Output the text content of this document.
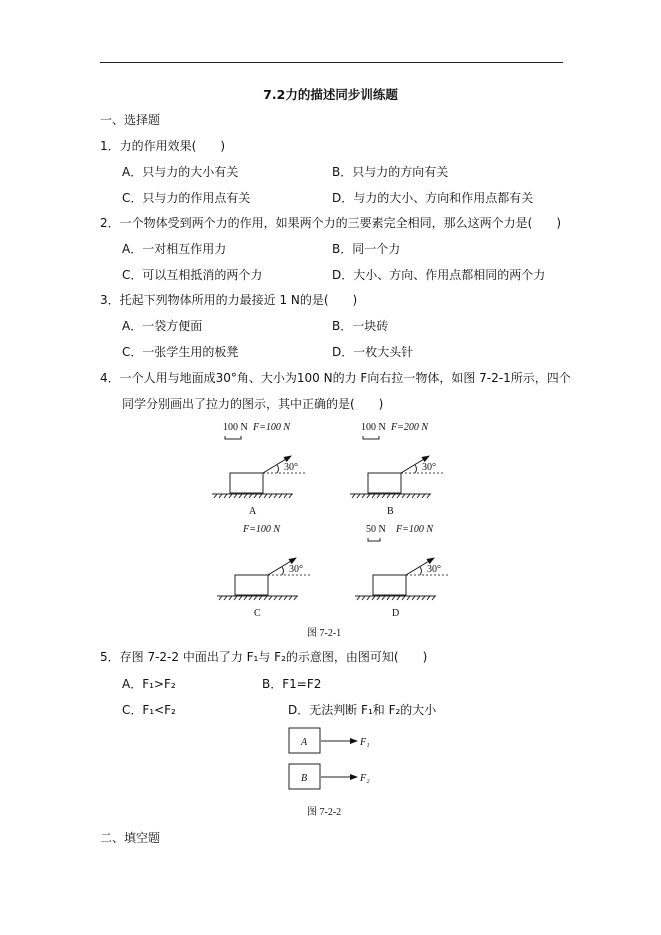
7.2力的描述同步训练题
一、选择题
1．力的作用效果(　　)
A．只与力的大小有关	B．只与力的方向有关
C．只与力的作用点有关	D．与力的大小、方向和作用点都有关
2．一个物体受到两个力的作用，如果两个力的三要素完全相同，那么这两个力是(　　)
A．一对相互作用力	B．同一个力
C．可以互相抵消的两个力	D．大小、方向、作用点都相同的两个力
3．托起下列物体所用的力最接近 1 N的是(　　)
A．一袋方便面	B．一块砖
C．一张学生用的板凳	D．一枚大头针
4．一个人用与地面成30°角、大小为100 N的力 F向右拉一物体，如图 7-2-1所示，四个
同学分别画出了拉力的图示，其中正确的是(　　)
100 N F=100 N
30°
A
100 N F=200 N
30°
B
F=100 N
30°
C
50 N F=100 N
30°
D
图 7-2-1
5．存图 7-2-2 中面出了力 F₁与 F₂的示意图，由图可知(　　)
A．F₁>F₂	B．F1=F2
C．F₁<F₂	D．无法判断 F₁和 F₂的大小
A	F₁
B	F₂
图 7-2-2
二、填空题
